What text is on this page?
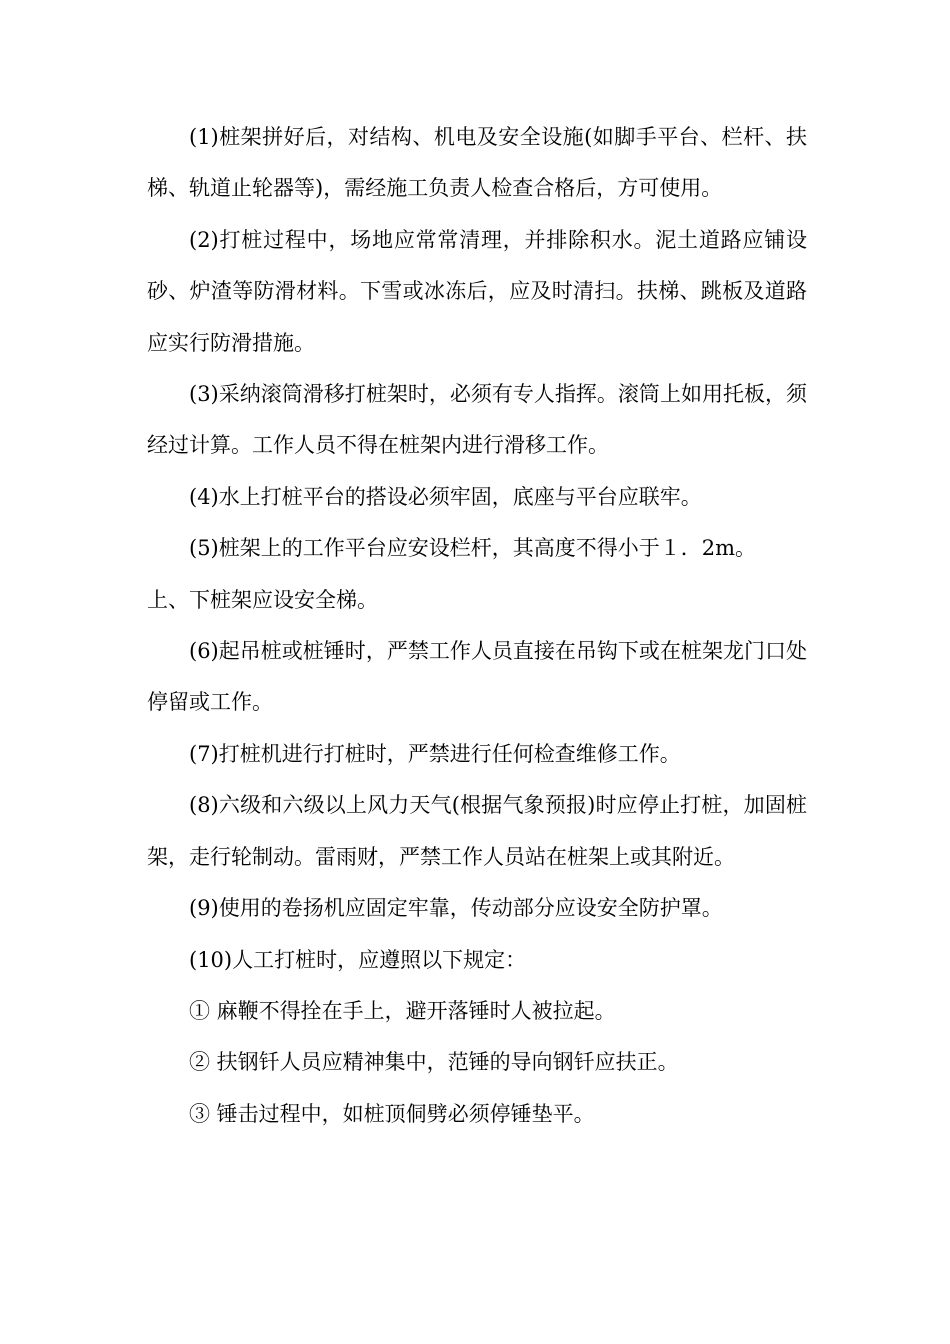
(1)桩架拼好后，对结构、机电及安全设施(如脚手平台、栏杆、扶梯、轨道止轮器等)，需经施工负责人检查合格后，方可使用。

(2)打桩过程中，场地应常常清理，并排除积水。泥土道路应铺设砂、炉渣等防滑材料。下雪或冰冻后，应及时清扫。扶梯、跳板及道路应实行防滑措施。

(3)采纳滚筒滑移打桩架时，必须有专人指挥。滚筒上如用托板，须经过计算。工作人员不得在桩架内进行滑移工作。

(4)水上打桩平台的搭设必须牢固，底座与平台应联牢。

(5)桩架上的工作平台应安设栏杆，其高度不得小于１．2m。

上、下桩架应设安全梯。

(6)起吊桩或桩锤时，严禁工作人员直接在吊钩下或在桩架龙门口处停留或工作。

(7)打桩机进行打桩时，严禁进行任何检查维修工作。

(8)六级和六级以上风力天气(根据气象预报)时应停止打桩，加固桩架，走行轮制动。雷雨财，严禁工作人员站在桩架上或其附近。

(9)使用的卷扬机应固定牢靠，传动部分应设安全防护罩。

(10)人工打桩时，应遵照以下规定：

① 麻鞭不得拴在手上，避开落锤时人被拉起。

② 扶钢钎人员应精神集中，范锤的导向钢钎应扶正。

③ 锤击过程中，如桩顶侗劈必须停锤垫平。
